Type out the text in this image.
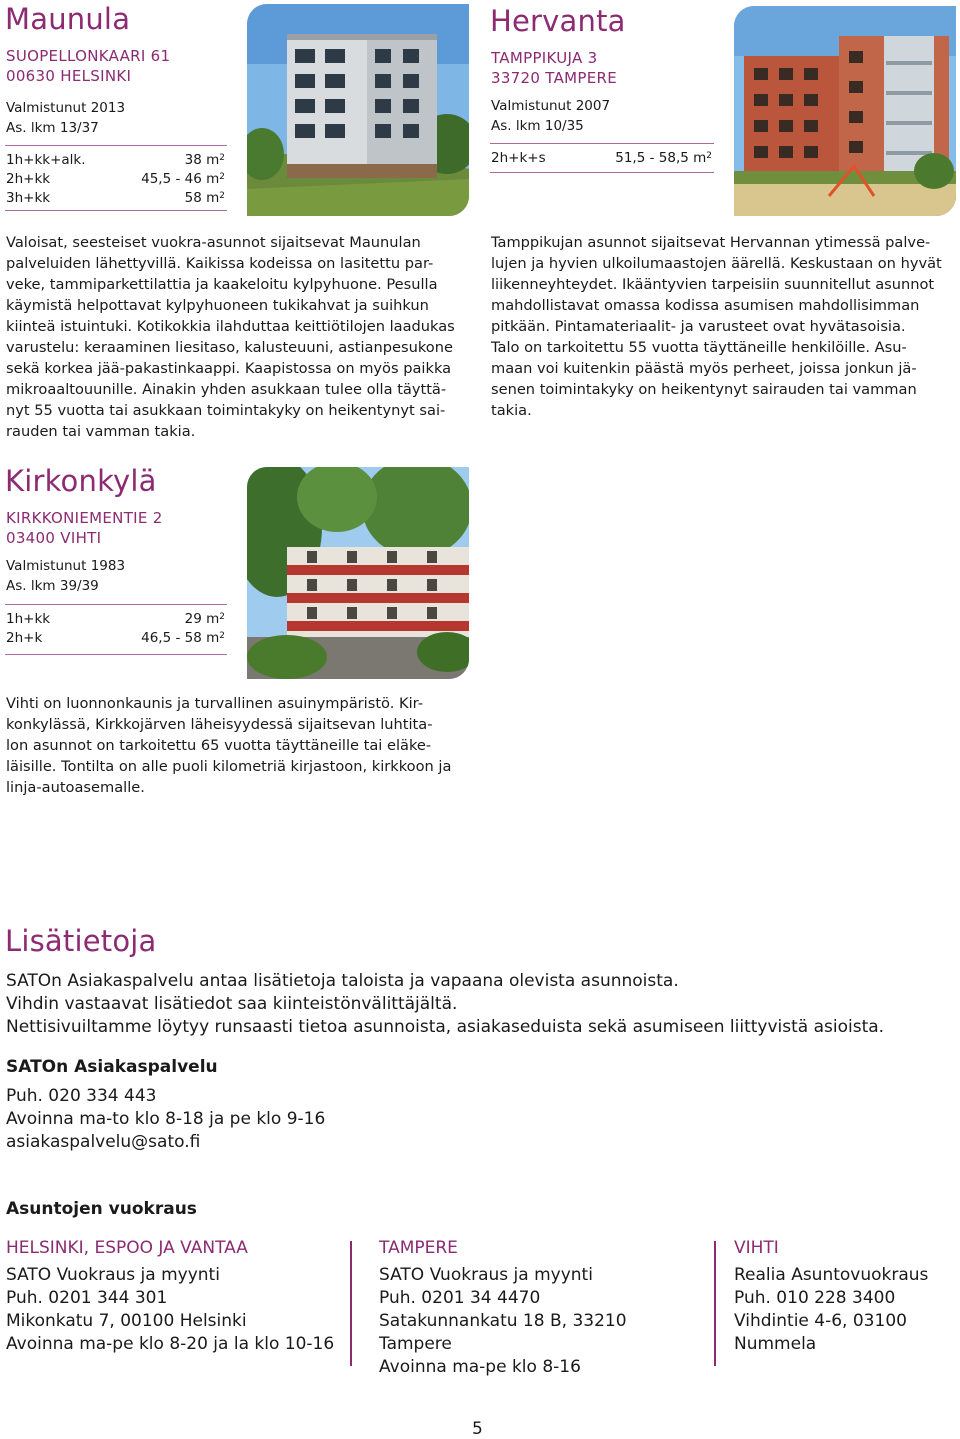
Maunula
SUOPELLONKAARI 61
00630 HELSINKI
Valmistunut 2013
As. lkm 13/37
1h+kk+alk.	38 $m^2$
2h+kk	45,5 - 46 $m^2$
3h+kk	58 $m^2$
Valoisat, seesteiset vuokra-asunnot sijaitsevat Maunulan
palveluiden lähettyvillä. Kaikissa kodeissa on lasitettu par-
veke, tammiparkettilattia ja kaakeloitu kylpyhuone. Pesulla
käymistä helpottavat kylpyhuoneen tukikahvat ja suihkun
kiinteä istuintuki. Kotikokkia ilahduttaa keittiötilojen laadukas
varustelu: keraaminen liesitaso, kalusteuuni, astianpesukone
sekä korkea jää-pakastinkaappi. Kaapistossa on myös paikka
mikroaaltouunille. Ainakin yhden asukkaan tulee olla täyttä-
nyt 55 vuotta tai asukkaan toimintakyky on heikentynyt sai-
rauden tai vamman takia.
Hervanta
TAMPPIKUJA 3
33720 TAMPERE
Valmistunut 2007
As. lkm 10/35
2h+k+s	51,5 - 58,5 $m^2$
Tamppikujan asunnot sijaitsevat Hervannan ytimessä palve-
lujen ja hyvien ulkoilumaastojen äärellä. Keskustaan on hyvät
liikenneyhteydet. Ikääntyvien tarpeisiin suunnitellut asunnot
mahdollistavat omassa kodissa asumisen mahdollisimman
pitkään. Pintamateriaalit- ja varusteet ovat hyvätasoisia.
Talo on tarkoitettu 55 vuotta täyttäneille henkilöille. Asu-
maan voi kuitenkin päästä myös perheet, joissa jonkun jä-
senen toimintakyky on heikentynyt sairauden tai vamman
takia.
Kirkonkylä
KIRKKONIEMENTIE 2
03400 VIHTI
Valmistunut 1983
As. lkm 39/39
1h+kk	29 $m^2$
2h+k	46,5 - 58 $m^2$
Vihti on luonnonkaunis ja turvallinen asuinympäristö. Kir-
konkylässä, Kirkkojärven läheisyydessä sijaitsevan luhtita-
lon asunnot on tarkoitettu 65 vuotta täyttäneille tai eläke-
läisille. Tontilta on alle puoli kilometriä kirjastoon, kirkkoon ja
linja-autoasemalle.
Lisätietoja
SATOn Asiakaspalvelu antaa lisätietoja taloista ja vapaana olevista asunnoista.
Vihdin vastaavat lisätiedot saa kiinteistönvälittäjältä.
Nettisivuiltamme löytyy runsaasti tietoa asunnoista, asiakaseduista sekä asumiseen liittyvistä asioista.
SATOn Asiakaspalvelu
Puh. 020 334 443
Avoinna ma-to klo 8-18 ja pe klo 9-16
asiakaspalvelu@sato.fi
Asuntojen vuokraus
HELSINKI, ESPOO JA VANTAA
SATO Vuokraus ja myynti
Puh. 0201 344 301
Mikonkatu 7, 00100 Helsinki
Avoinna ma-pe klo 8-20 ja la klo 10-16
TAMPERE
SATO Vuokraus ja myynti
Puh. 0201 34 4470
Satakunnankatu 18 B, 33210 Tampere
Avoinna ma-pe klo 8-16
VIHTI
Realia Asuntovuokraus
Puh. 010 228 3400
Vihdintie 4-6, 03100
Nummela
5
